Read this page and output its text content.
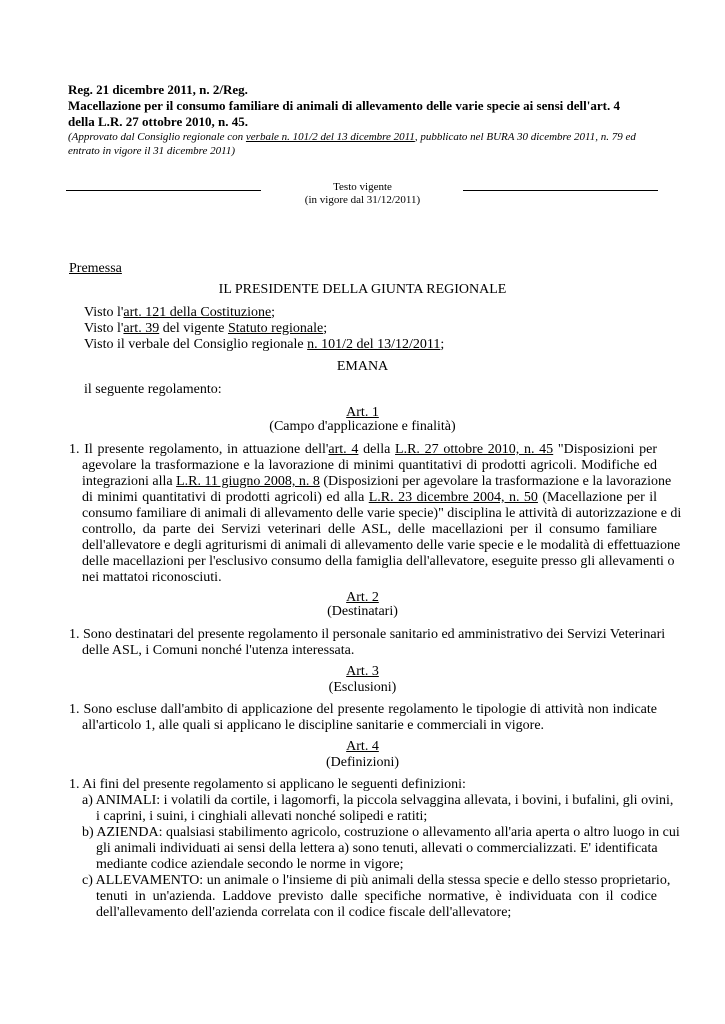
Reg. 21 dicembre 2011, n. 2/Reg.
Macellazione per il consumo familiare di animali di allevamento delle varie specie ai sensi dell'art. 4
della L.R. 27 ottobre 2010, n. 45.
(Approvato dal Consiglio regionale con verbale n. 101/2 del 13 dicembre 2011, pubblicato nel BURA 30 dicembre 2011, n. 79 ed
entrato in vigore il 31 dicembre 2011)
Testo vigente
(in vigore dal 31/12/2011)
Premessa
IL PRESIDENTE DELLA GIUNTA REGIONALE
Visto l'art. 121 della Costituzione;
Visto l'art. 39 del vigente Statuto regionale;
Visto il verbale del Consiglio regionale n. 101/2 del 13/12/2011;
EMANA
il seguente regolamento:
Art. 1
(Campo d'applicazione e finalità)
1. Il presente regolamento, in attuazione dell'art. 4 della L.R. 27 ottobre 2010, n. 45 "Disposizioni per
agevolare la trasformazione e la lavorazione di minimi quantitativi di prodotti agricoli. Modifiche ed
integrazioni alla L.R. 11 giugno 2008, n. 8 (Disposizioni per agevolare la trasformazione e la lavorazione
di minimi quantitativi di prodotti agricoli) ed alla L.R. 23 dicembre 2004, n. 50 (Macellazione per il
consumo familiare di animali di allevamento delle varie specie)" disciplina le attività di autorizzazione e di
controllo, da parte dei Servizi veterinari delle ASL, delle macellazioni per il consumo familiare
dell'allevatore e degli agriturismi di animali di allevamento delle varie specie e le modalità di effettuazione
delle macellazioni per l'esclusivo consumo della famiglia dell'allevatore, eseguite presso gli allevamenti o
nei mattatoi riconosciuti.
Art. 2
(Destinatari)
1. Sono destinatari del presente regolamento il personale sanitario ed amministrativo dei Servizi Veterinari
delle ASL, i Comuni nonché l'utenza interessata.
Art. 3
(Esclusioni)
1. Sono escluse dall'ambito di applicazione del presente regolamento le tipologie di attività non indicate
all'articolo 1, alle quali si applicano le discipline sanitarie e commerciali in vigore.
Art. 4
(Definizioni)
1. Ai fini del presente regolamento si applicano le seguenti definizioni:
a) ANIMALI: i volatili da cortile, i lagomorfi, la piccola selvaggina allevata, i bovini, i bufalini, gli ovini,
i caprini, i suini, i cinghiali allevati nonché solipedi e ratiti;
b) AZIENDA: qualsiasi stabilimento agricolo, costruzione o allevamento all'aria aperta o altro luogo in cui
gli animali individuati ai sensi della lettera a) sono tenuti, allevati o commercializzati. E' identificata
mediante codice aziendale secondo le norme in vigore;
c) ALLEVAMENTO: un animale o l'insieme di più animali della stessa specie e dello stesso proprietario,
tenuti in un'azienda. Laddove previsto dalle specifiche normative, è individuata con il codice
dell'allevamento dell'azienda correlata con il codice fiscale dell'allevatore;
